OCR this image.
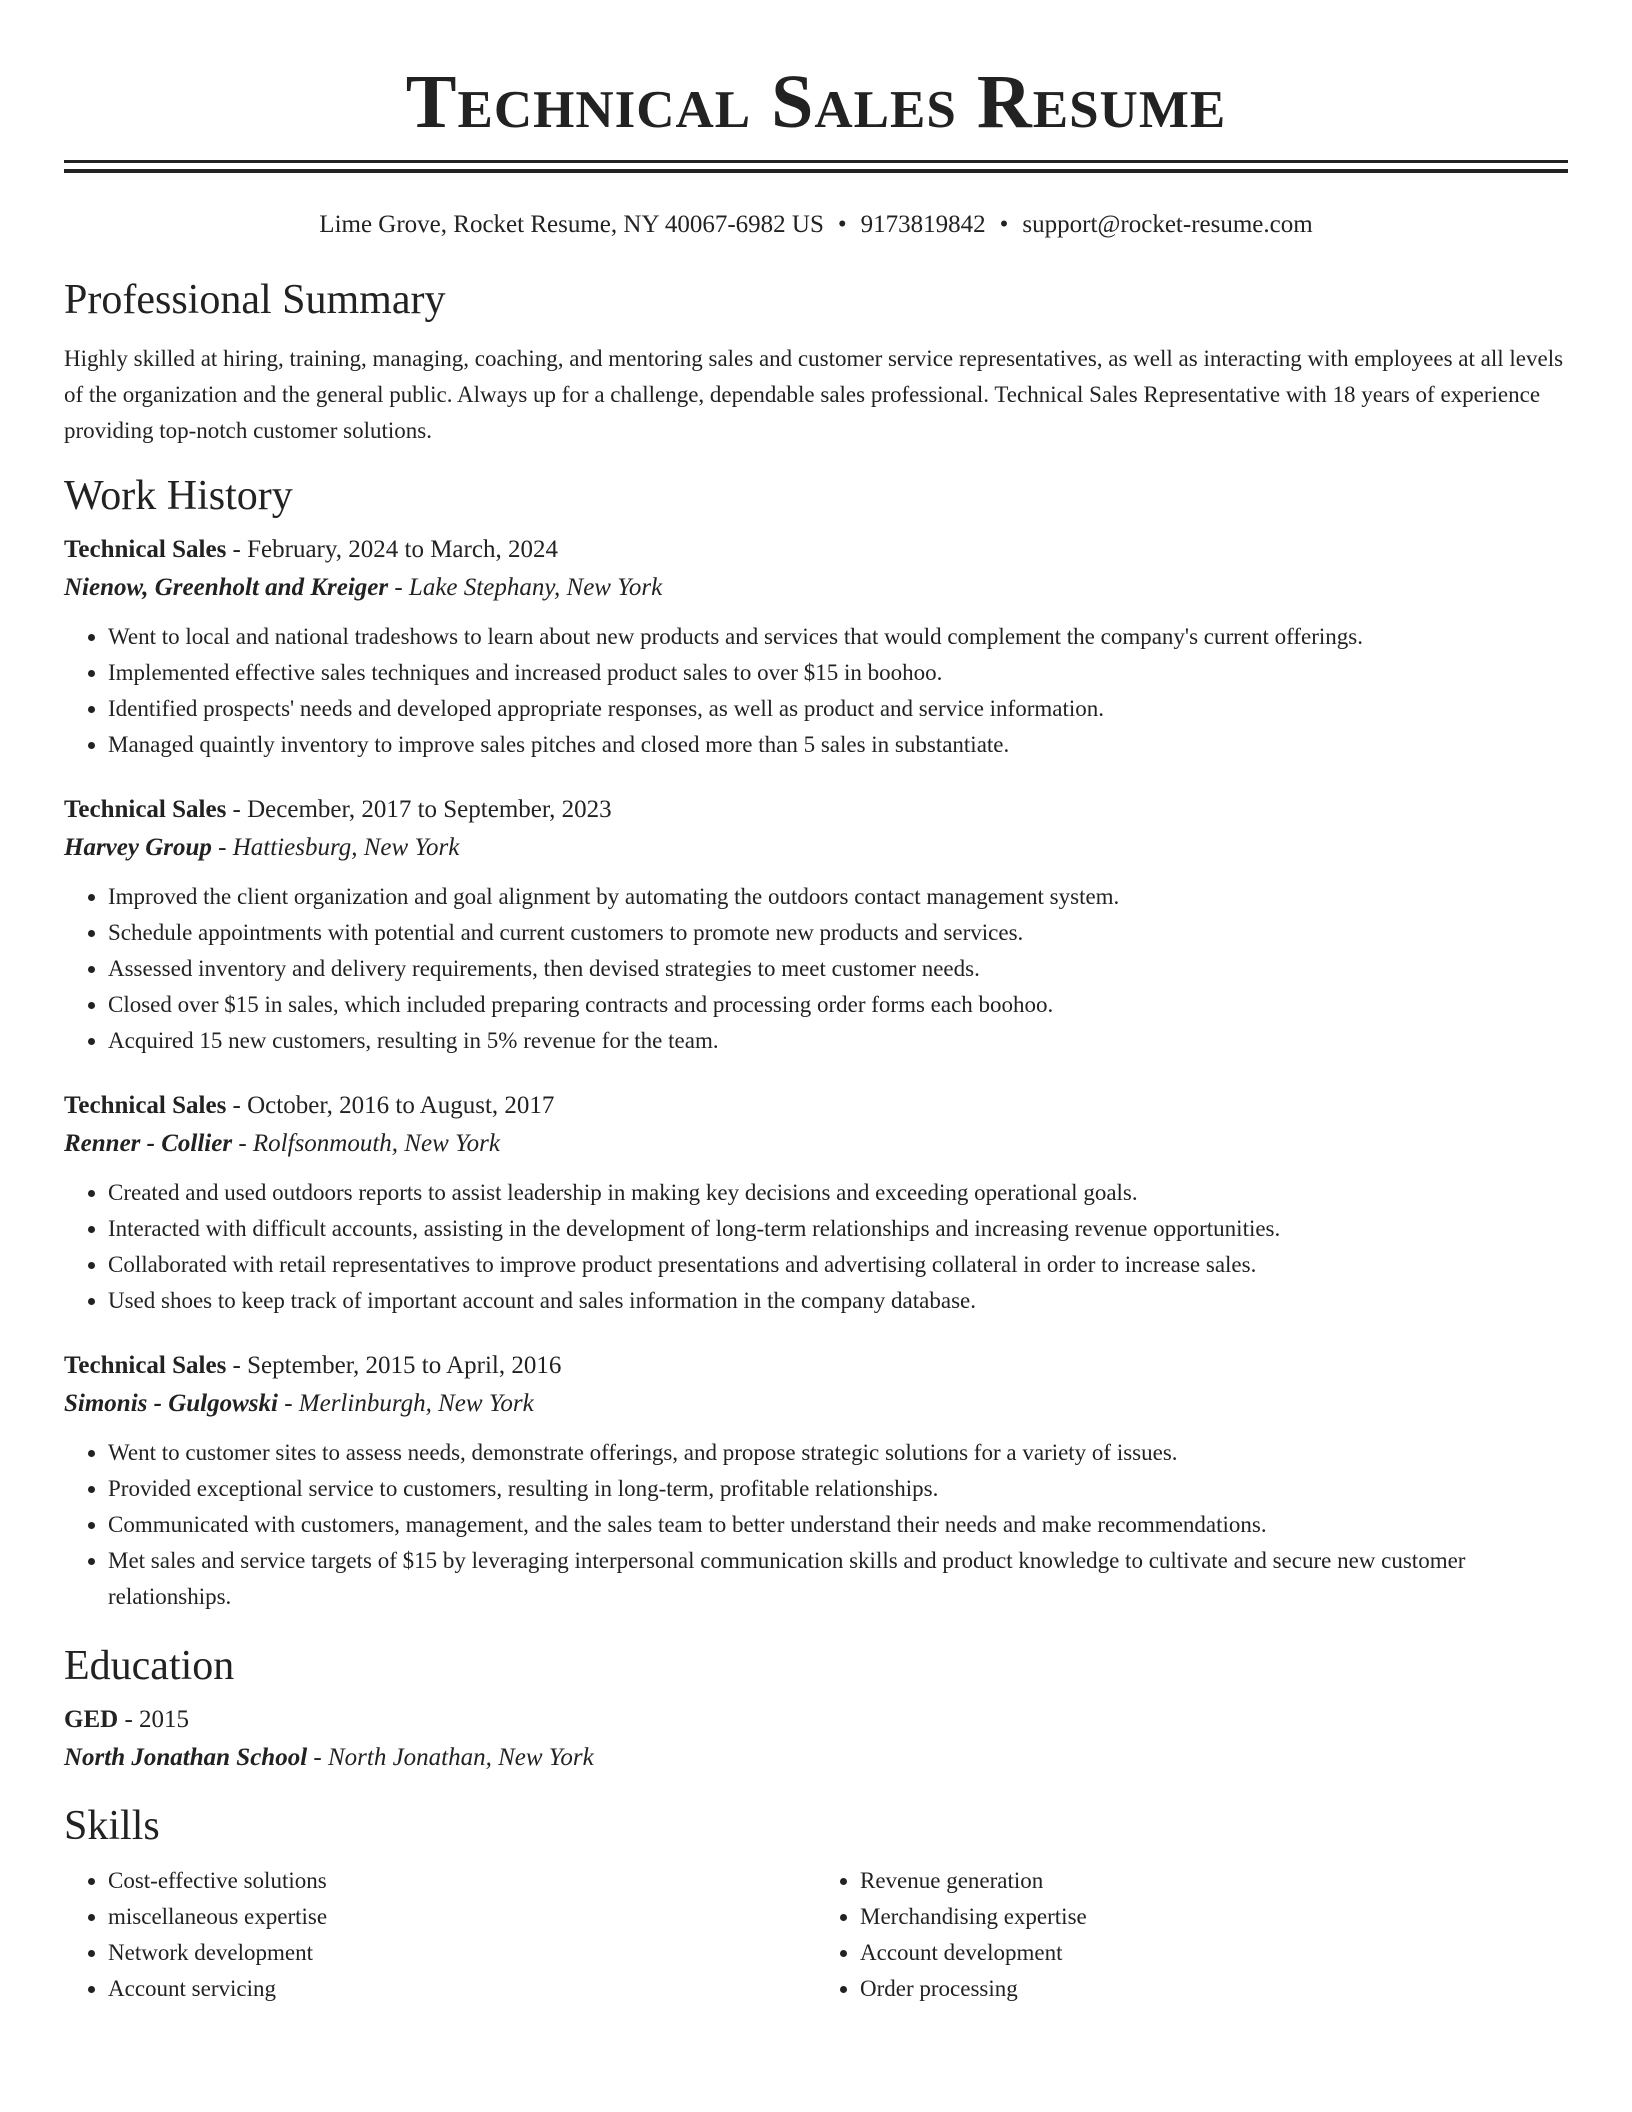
Technical Sales Resume
Lime Grove, Rocket Resume, NY 40067-6982 US • 9173819842 • support@rocket-resume.com
Professional Summary

Highly skilled at hiring, training, managing, coaching, and mentoring sales and customer service representatives, as well as interacting with employees at all levels of the organization and the general public. Always up for a challenge, dependable sales professional. Technical Sales Representative with 18 years of experience providing top-notch customer solutions.

Work History

Technical Sales - February, 2024 to March, 2024

Nienow, Greenholt and Kreiger - Lake Stephany, New York

• Went to local and national tradeshows to learn about new products and services that would complement the company's current offerings.
• Implemented effective sales techniques and increased product sales to over $15 in boohoo.
• Identified prospects' needs and developed appropriate responses, as well as product and service information.
• Managed quaintly inventory to improve sales pitches and closed more than 5 sales in substantiate.

Technical Sales - December, 2017 to September, 2023

Harvey Group - Hattiesburg, New York

• Improved the client organization and goal alignment by automating the outdoors contact management system.
• Schedule appointments with potential and current customers to promote new products and services.
• Assessed inventory and delivery requirements, then devised strategies to meet customer needs.
• Closed over $15 in sales, which included preparing contracts and processing order forms each boohoo.
• Acquired 15 new customers, resulting in 5% revenue for the team.

Technical Sales - October, 2016 to August, 2017

Renner - Collier - Rolfsonmouth, New York

• Created and used outdoors reports to assist leadership in making key decisions and exceeding operational goals.
• Interacted with difficult accounts, assisting in the development of long-term relationships and increasing revenue opportunities.
• Collaborated with retail representatives to improve product presentations and advertising collateral in order to increase sales.
• Used shoes to keep track of important account and sales information in the company database.

Technical Sales - September, 2015 to April, 2016

Simonis - Gulgowski - Merlinburgh, New York

• Went to customer sites to assess needs, demonstrate offerings, and propose strategic solutions for a variety of issues.
• Provided exceptional service to customers, resulting in long-term, profitable relationships.
• Communicated with customers, management, and the sales team to better understand their needs and make recommendations.
• Met sales and service targets of $15 by leveraging interpersonal communication skills and product knowledge to cultivate and secure new customer relationships.
Education

GED - 2015

North Jonathan School - North Jonathan, New York

Skills
• Cost-effective solutions
• miscellaneous expertise
• Network development
• Account servicing
• Revenue generation
• Merchandising expertise
• Account development
• Order processing
